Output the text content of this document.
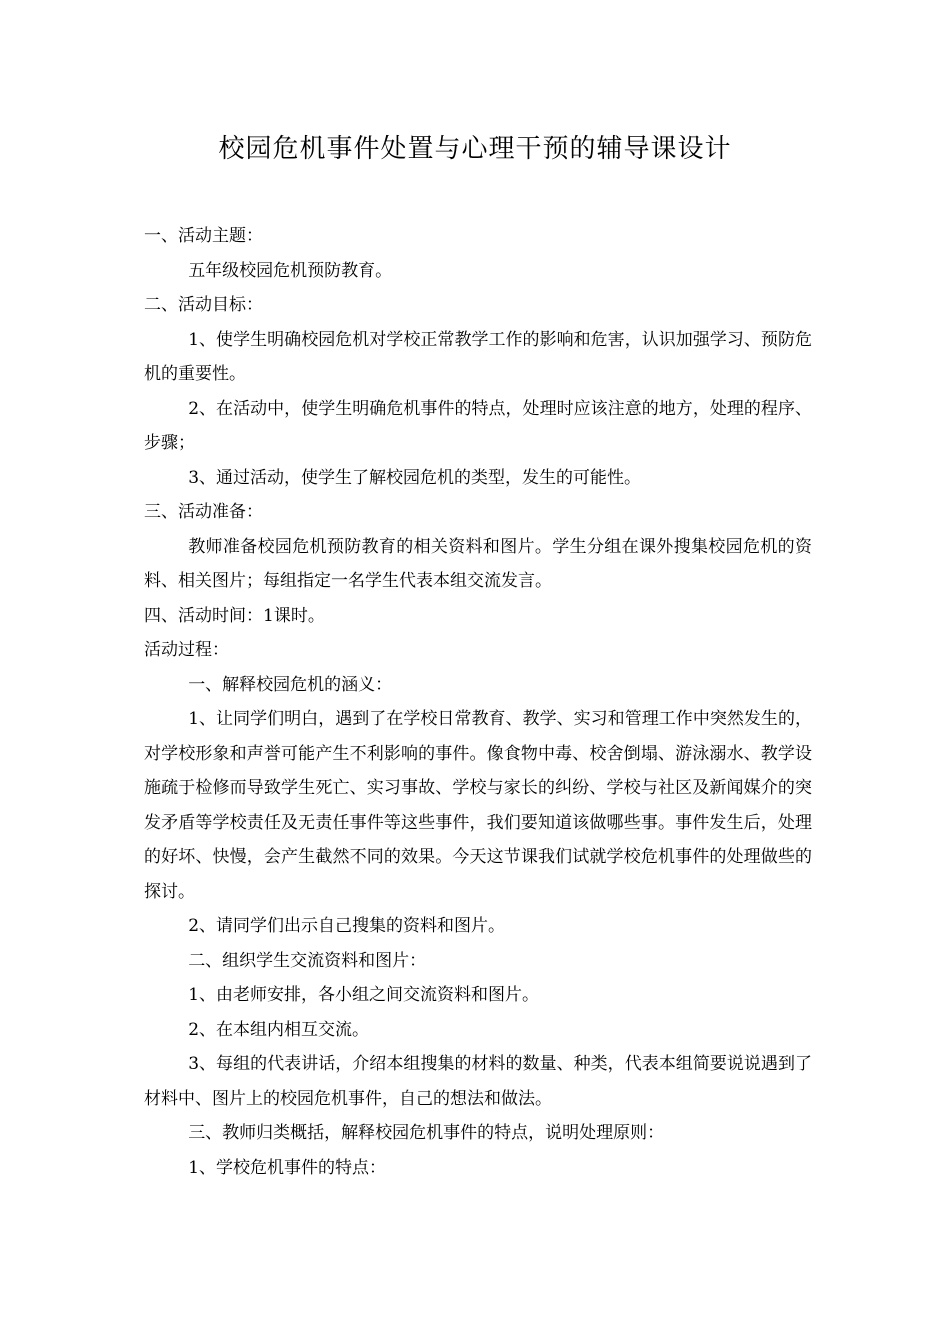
校园危机事件处置与心理干预的辅导课设计

一、活动主题：

五年级校园危机预防教育。

二、活动目标：

1、使学生明确校园危机对学校正常教学工作的影响和危害，认识加强学习、预防危机的重要性。

2、在活动中，使学生明确危机事件的特点，处理时应该注意的地方，处理的程序、步骤；

3、通过活动，使学生了解校园危机的类型，发生的可能性。

三、活动准备：

教师准备校园危机预防教育的相关资料和图片。学生分组在课外搜集校园危机的资料、相关图片；每组指定一名学生代表本组交流发言。

四、活动时间：1课时。

活动过程：

一、解释校园危机的涵义：

1、让同学们明白，遇到了在学校日常教育、教学、实习和管理工作中突然发生的，对学校形象和声誉可能产生不利影响的事件。像食物中毒、校舍倒塌、游泳溺水、教学设施疏于检修而导致学生死亡、实习事故、学校与家长的纠纷、学校与社区及新闻媒介的突发矛盾等学校责任及无责任事件等这些事件，我们要知道该做哪些事。事件发生后，处理的好坏、快慢，会产生截然不同的效果。今天这节课我们试就学校危机事件的处理做些的探讨。

2、请同学们出示自己搜集的资料和图片。

二、组织学生交流资料和图片：

1、由老师安排，各小组之间交流资料和图片。

2、在本组内相互交流。

3、每组的代表讲话，介绍本组搜集的材料的数量、种类，代表本组简要说说遇到了材料中、图片上的校园危机事件，自己的想法和做法。

三、教师归类概括，解释校园危机事件的特点，说明处理原则：

1、学校危机事件的特点：
